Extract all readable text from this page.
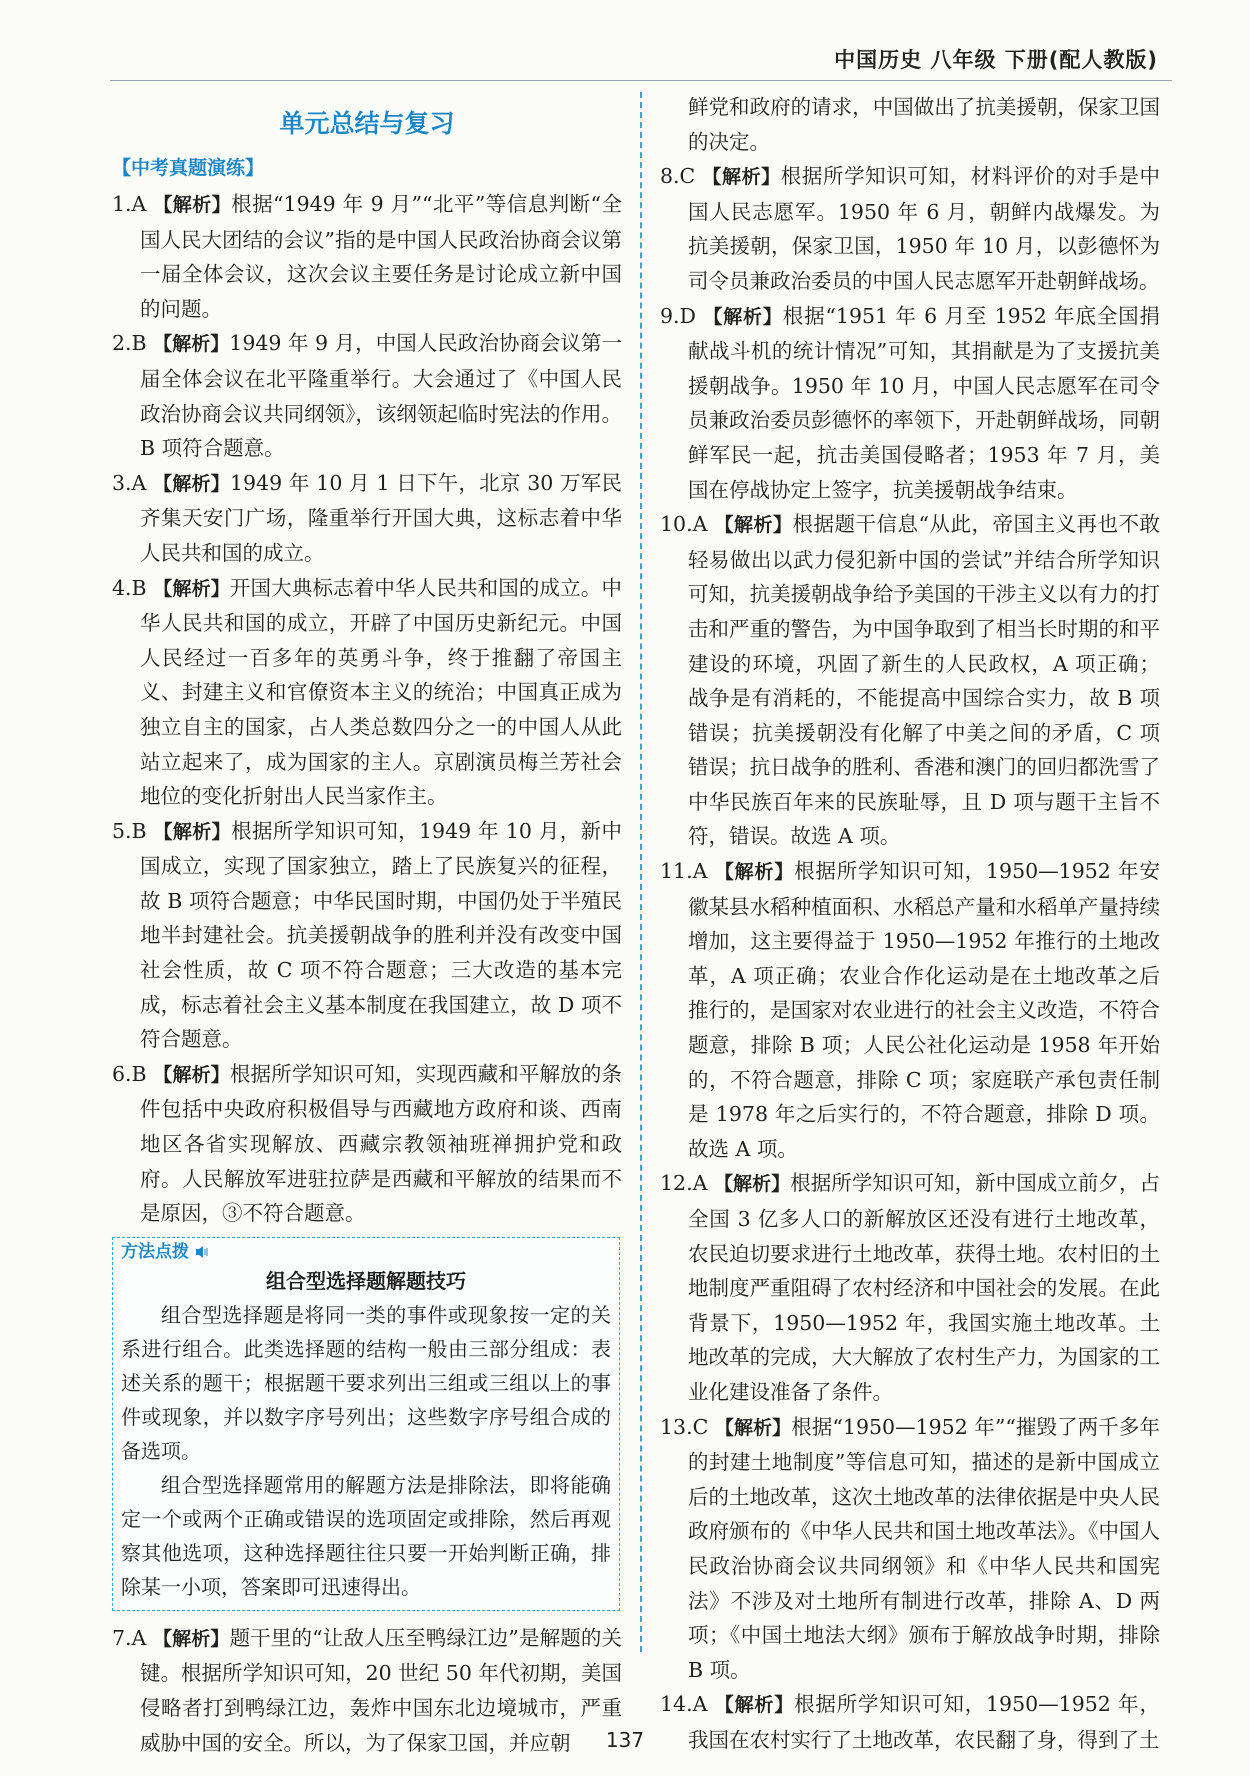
中国历史 八年级 下册(配人教版)
单元总结与复习
【中考真题演练】
1.A 【解析】根据“1949 年 9 月”“北平”等信息判断“全国人民大团结的会议”指的是中国人民政治协商会议第一届全体会议，这次会议主要任务是讨论成立新中国的问题。
2.B 【解析】1949 年 9 月，中国人民政治协商会议第一届全体会议在北平隆重举行。大会通过了《中国人民政治协商会议共同纲领》，该纲领起临时宪法的作用。B 项符合题意。
3.A 【解析】1949 年 10 月 1 日下午，北京 30 万军民齐集天安门广场，隆重举行开国大典，这标志着中华人民共和国的成立。
4.B 【解析】开国大典标志着中华人民共和国的成立。中华人民共和国的成立，开辟了中国历史新纪元。中国人民经过一百多年的英勇斗争，终于推翻了帝国主义、封建主义和官僚资本主义的统治；中国真正成为独立自主的国家，占人类总数四分之一的中国人从此站立起来了，成为国家的主人。京剧演员梅兰芳社会地位的变化折射出人民当家作主。
5.B 【解析】根据所学知识可知，1949 年 10 月，新中国成立，实现了国家独立，踏上了民族复兴的征程，故 B 项符合题意；中华民国时期，中国仍处于半殖民地半封建社会。抗美援朝战争的胜利并没有改变中国社会性质，故 C 项不符合题意；三大改造的基本完成，标志着社会主义基本制度在我国建立，故 D 项不符合题意。
6.B 【解析】根据所学知识可知，实现西藏和平解放的条件包括中央政府积极倡导与西藏地方政府和谈、西南地区各省实现解放、西藏宗教领袖班禅拥护党和政府。人民解放军进驻拉萨是西藏和平解放的结果而不是原因，③不符合题意。
方法点拨
组合型选择题解题技巧

组合型选择题是将同一类的事件或现象按一定的关系进行组合。此类选择题的结构一般由三部分组成：表述关系的题干；根据题干要求列出三组或三组以上的事件或现象，并以数字序号列出；这些数字序号组合成的备选项。

组合型选择题常用的解题方法是排除法，即将能确定一个或两个正确或错误的选项固定或排除，然后再观察其他选项，这种选择题往往只要一开始判断正确，排除某一小项，答案即可迅速得出。

7.A 【解析】题干里的“让敌人压至鸭绿江边”是解题的关键。根据所学知识可知，20 世纪 50 年代初期，美国侵略者打到鸭绿江边，轰炸中国东北边境城市，严重威胁中国的安全。所以，为了保家卫国，并应朝
鲜党和政府的请求，中国做出了抗美援朝，保家卫国的决定。
8.C 【解析】根据所学知识可知，材料评价的对手是中国人民志愿军。1950 年 6 月，朝鲜内战爆发。为抗美援朝，保家卫国，1950 年 10 月，以彭德怀为司令员兼政治委员的中国人民志愿军开赴朝鲜战场。
9.D 【解析】根据“1951 年 6 月至 1952 年底全国捐献战斗机的统计情况”可知，其捐献是为了支援抗美援朝战争。1950 年 10 月，中国人民志愿军在司令员兼政治委员彭德怀的率领下，开赴朝鲜战场，同朝鲜军民一起，抗击美国侵略者；1953 年 7 月，美国在停战协定上签字，抗美援朝战争结束。
10.A 【解析】根据题干信息“从此，帝国主义再也不敢轻易做出以武力侵犯新中国的尝试”并结合所学知识可知，抗美援朝战争给予美国的干涉主义以有力的打击和严重的警告，为中国争取到了相当长时期的和平建设的环境，巩固了新生的人民政权，A 项正确；战争是有消耗的，不能提高中国综合实力，故 B 项错误；抗美援朝没有化解了中美之间的矛盾，C 项错误；抗日战争的胜利、香港和澳门的回归都洗雪了中华民族百年来的民族耻辱，且 D 项与题干主旨不符，错误。故选 A 项。
11.A 【解析】根据所学知识可知，1950—1952 年安徽某县水稻种植面积、水稻总产量和水稻单产量持续增加，这主要得益于 1950—1952 年推行的土地改革，A 项正确；农业合作化运动是在土地改革之后推行的，是国家对农业进行的社会主义改造，不符合题意，排除 B 项；人民公社化运动是 1958 年开始的，不符合题意，排除 C 项；家庭联产承包责任制是 1978 年之后实行的，不符合题意，排除 D 项。故选 A 项。
12.A 【解析】根据所学知识可知，新中国成立前夕，占全国 3 亿多人口的新解放区还没有进行土地改革，农民迫切要求进行土地改革，获得土地。农村旧的土地制度严重阻碍了农村经济和中国社会的发展。在此背景下，1950—1952 年，我国实施土地改革。土地改革的完成，大大解放了农村生产力，为国家的工业化建设准备了条件。
13.C 【解析】根据“1950—1952 年”“摧毁了两千多年的封建土地制度”等信息可知，描述的是新中国成立后的土地改革，这次土地改革的法律依据是中央人民政府颁布的《中华人民共和国土地改革法》。《中国人民政治协商会议共同纲领》和《中华人民共和国宪法》不涉及对土地所有制进行改革，排除 A、D 两项；《中国土地法大纲》颁布于解放战争时期，排除 B 项。
14.A 【解析】根据所学知识可知，1950—1952 年，我国在农村实行了土地改革，农民翻了身，得到了土
137
